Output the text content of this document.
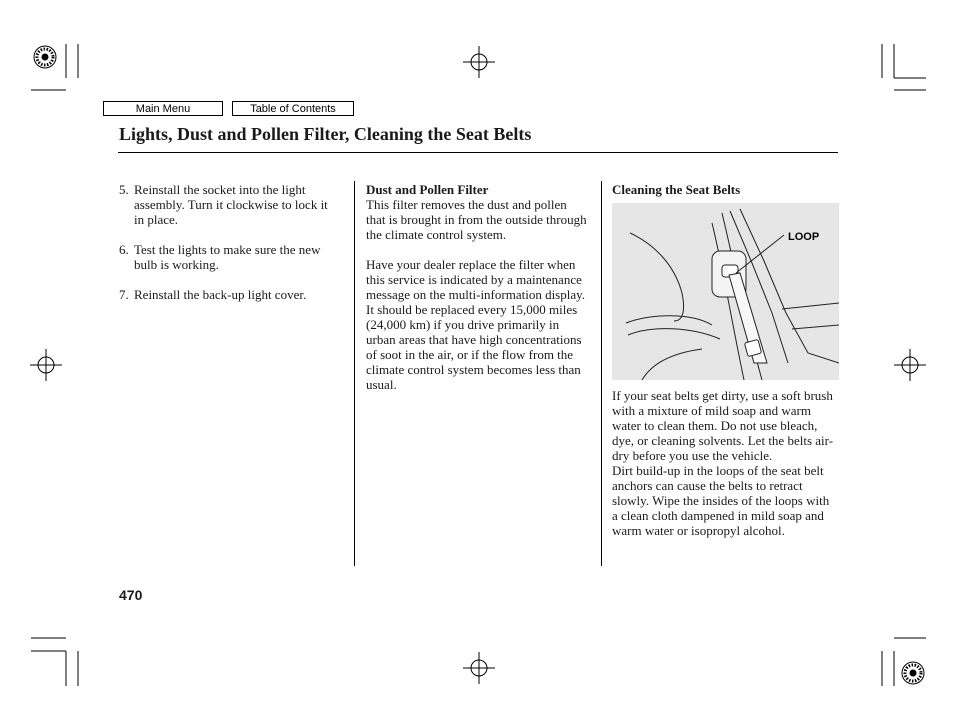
Main Menu	Table of Contents
Lights, Dust and Pollen Filter, Cleaning the Seat Belts
5. Reinstall the socket into the light assembly. Turn it clockwise to lock it in place.
6. Test the lights to make sure the new bulb is working.
7. Reinstall the back-up light cover.
Dust and Pollen Filter

This filter removes the dust and pollen that is brought in from the outside through the climate control system.

Have your dealer replace the filter when this service is indicated by a maintenance message on the multi-information display. It should be replaced every 15,000 miles (24,000 km) if you drive primarily in urban areas that have high concentrations of soot in the air, or if the flow from the climate control system becomes less than usual.

Cleaning the Seat Belts
LOOP

If your seat belts get dirty, use a soft brush with a mixture of mild soap and warm water to clean them. Do not use bleach, dye, or cleaning solvents. Let the belts air-dry before you use the vehicle.

Dirt build-up in the loops of the seat belt anchors can cause the belts to retract slowly. Wipe the insides of the loops with a clean cloth dampened in mild soap and warm water or isopropyl alcohol.

470
